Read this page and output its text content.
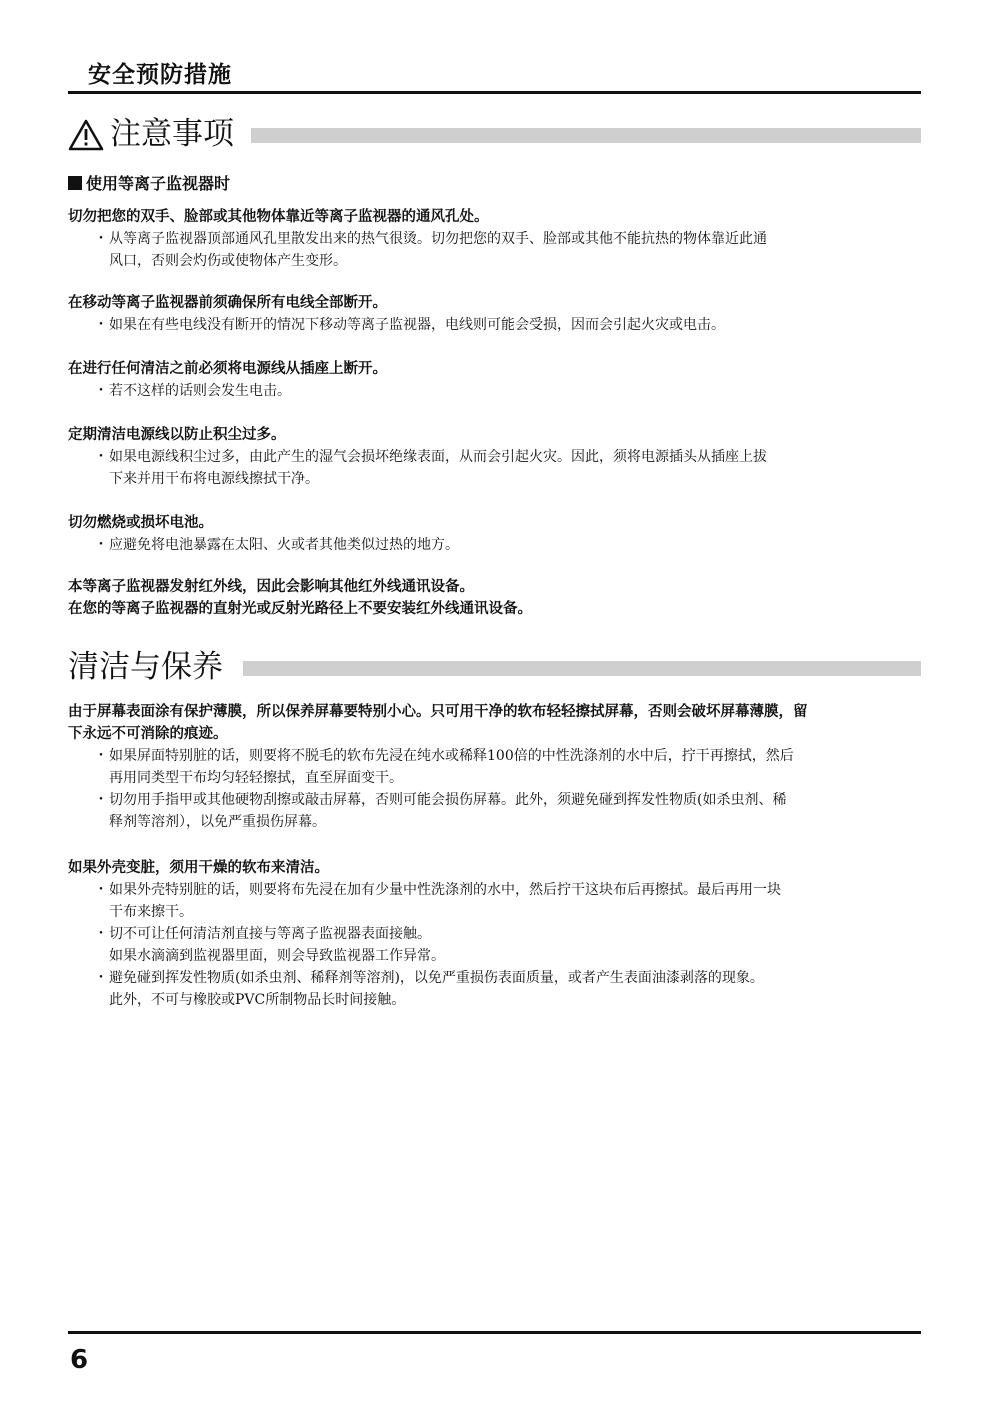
安全预防措施
注意事项
使用等离子监视器时

切勿把您的双手、脸部或其他物体靠近等离子监视器的通风孔处。

・ 从等离子监视器顶部通风孔里散发出来的热气很烫。切勿把您的双手、脸部或其他不能抗热的物体靠近此通
风口，否则会灼伤或使物体产生变形。

在移动等离子监视器前须确保所有电线全部断开。

・ 如果在有些电线没有断开的情况下移动等离子监视器，电线则可能会受损，因而会引起火灾或电击。

在进行任何清洁之前必须将电源线从插座上断开。

・ 若不这样的话则会发生电击。

定期清洁电源线以防止积尘过多。

・ 如果电源线积尘过多，由此产生的湿气会损坏绝缘表面，从而会引起火灾。因此，须将电源插头从插座上拔
下来并用干布将电源线擦拭干净。

切勿燃烧或损坏电池。

・ 应避免将电池暴露在太阳、火或者其他类似过热的地方。

本等离子监视器发射红外线，因此会影响其他红外线通讯设备。

在您的等离子监视器的直射光或反射光路径上不要安装红外线通讯设备。

清洁与保养

由于屏幕表面涂有保护薄膜，所以保养屏幕要特别小心。只可用干净的软布轻轻擦拭屏幕，否则会破坏屏幕薄膜，留

下永远不可消除的痕迹。

・ 如果屏面特别脏的话，则要将不脱毛的软布先浸在纯水或稀释100倍的中性洗涤剂的水中后，拧干再擦拭，然后
再用同类型干布均匀轻轻擦拭，直至屏面变干。
・ 切勿用手指甲或其他硬物刮擦或敲击屏幕，否则可能会损伤屏幕。此外，须避免碰到挥发性物质(如杀虫剂、稀
释剂等溶剂），以免严重损伤屏幕。

如果外壳变脏，须用干燥的软布来清洁。

・ 如果外壳特别脏的话，则要将布先浸在加有少量中性洗涤剂的水中，然后拧干这块布后再擦拭。最后再用一块
干布来擦干。
・ 切不可让任何清洁剂直接与等离子监视器表面接触。
如果水滴滴到监视器里面，则会导致监视器工作异常。
・ 避免碰到挥发性物质(如杀虫剂、稀释剂等溶剂)，以免严重损伤表面质量，或者产生表面油漆剥落的现象。
此外，不可与橡胶或PVC所制物品长时间接触。
6
